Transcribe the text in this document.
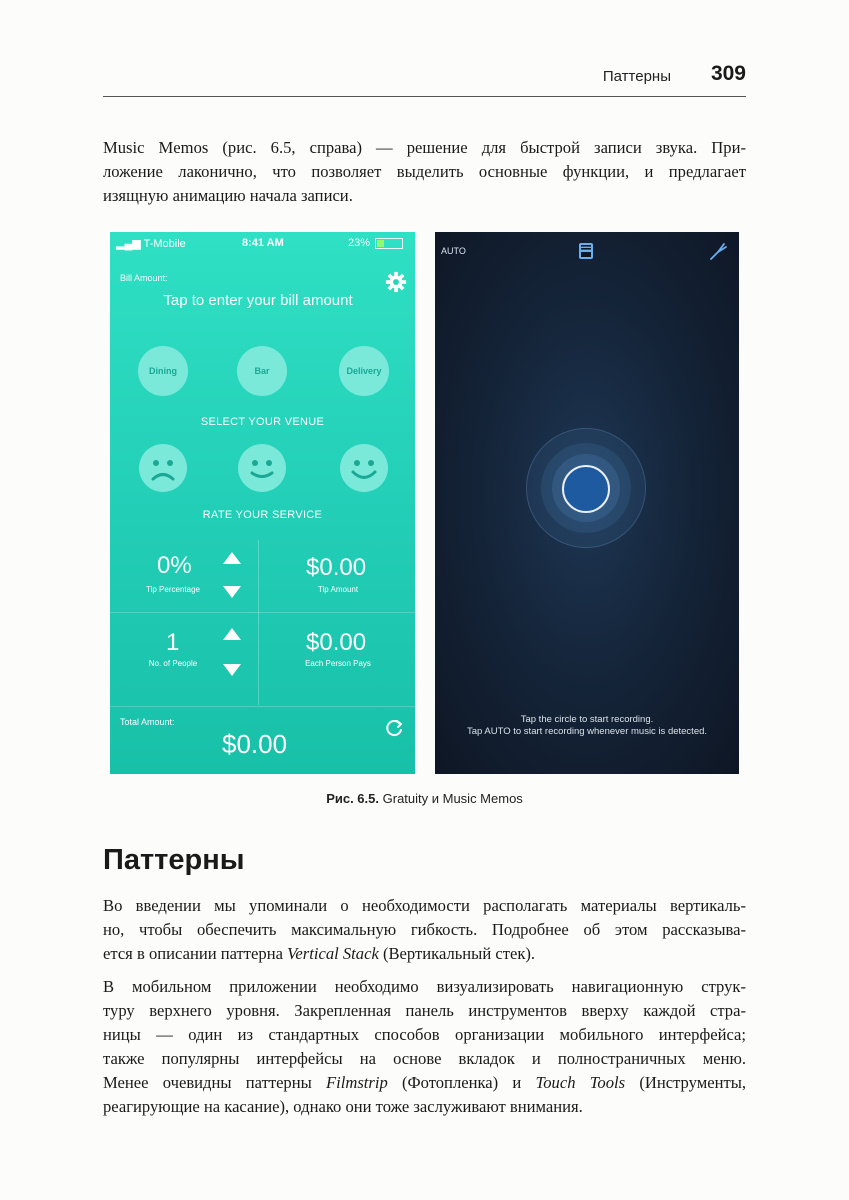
Паттерны 309

Music Memos (рис. 6.5, справа) — решение для быстрой записи звука. При-
ложение лаконично, что позволяет выделить основные функции, и предлагает
изящную анимацию начала записи.

▂▄▆ T-Mobile	8:41 AM	23%
Bill Amount:
Tap to enter your bill amount
Dining	Bar	Delivery
SELECT YOUR VENUE
RATE YOUR SERVICE
0%
Tip Percentage
$0.00
Tip Amount
1
No. of People
$0.00
Each Person Pays
Total Amount:
$0.00
AUTO
Tap the circle to start recording.
Tap AUTO to start recording whenever music is detected.
Рис. 6.5. Gratuity и Music Memos
Паттерны

Во введении мы упоминали о необходимости располагать материалы вертикаль-
но, чтобы обеспечить максимальную гибкость. Подробнее об этом рассказыва-
ется в описании паттерна Vertical Stack (Вертикальный стек).

В мобильном приложении необходимо визуализировать навигационную струк-
туру верхнего уровня. Закрепленная панель инструментов вверху каждой стра-
ницы — один из стандартных способов организации мобильного интерфейса;
также популярны интерфейсы на основе вкладок и полностраничных меню.
Менее очевидны паттерны Filmstrip (Фотопленка) и Touch Tools (Инструменты,
реагирующие на касание), однако они тоже заслуживают внимания.
